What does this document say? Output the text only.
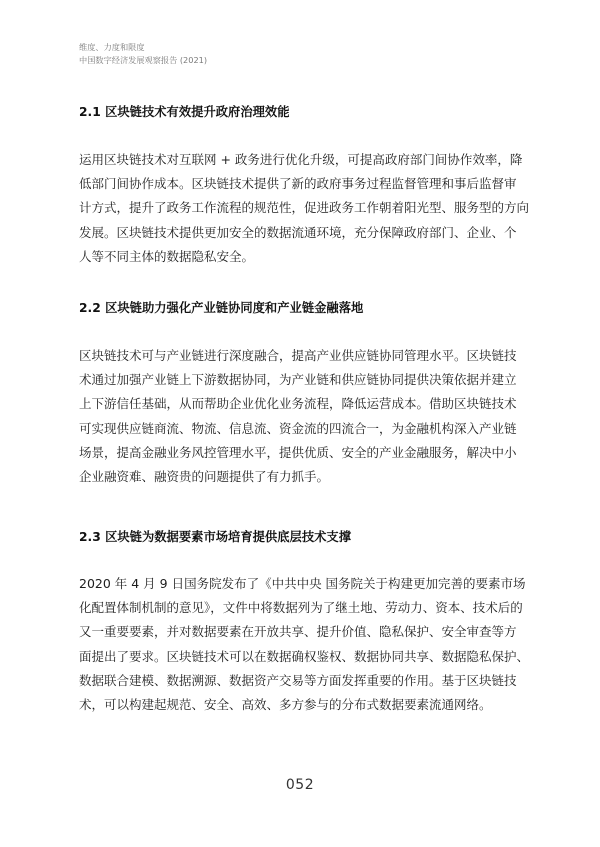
维度、力度和限度
中国数字经济发展观察报告 (2021)
2.1 区块链技术有效提升政府治理效能
运用区块链技术对互联网 + 政务进行优化升级，可提高政府部门间协作效率，降
低部门间协作成本。区块链技术提供了新的政府事务过程监督管理和事后监督审
计方式，提升了政务工作流程的规范性，促进政务工作朝着阳光型、服务型的方向
发展。区块链技术提供更加安全的数据流通环境，充分保障政府部门、企业、个
人等不同主体的数据隐私安全。
2.2 区块链助力强化产业链协同度和产业链金融落地
区块链技术可与产业链进行深度融合，提高产业供应链协同管理水平。区块链技
术通过加强产业链上下游数据协同，为产业链和供应链协同提供决策依据并建立
上下游信任基础，从而帮助企业优化业务流程，降低运营成本。借助区块链技术
可实现供应链商流、物流、信息流、资金流的四流合一，为金融机构深入产业链
场景，提高金融业务风控管理水平，提供优质、安全的产业金融服务，解决中小
企业融资难、融资贵的问题提供了有力抓手。
2.3 区块链为数据要素市场培育提供底层技术支撑
2020 年 4 月 9 日国务院发布了《中共中央 国务院关于构建更加完善的要素市场
化配置体制机制的意见》，文件中将数据列为了继土地、劳动力、资本、技术后的
又一重要要素，并对数据要素在开放共享、提升价值、隐私保护、安全审查等方
面提出了要求。区块链技术可以在数据确权鉴权、数据协同共享、数据隐私保护、
数据联合建模、数据溯源、数据资产交易等方面发挥重要的作用。基于区块链技
术，可以构建起规范、安全、高效、多方参与的分布式数据要素流通网络。
052
